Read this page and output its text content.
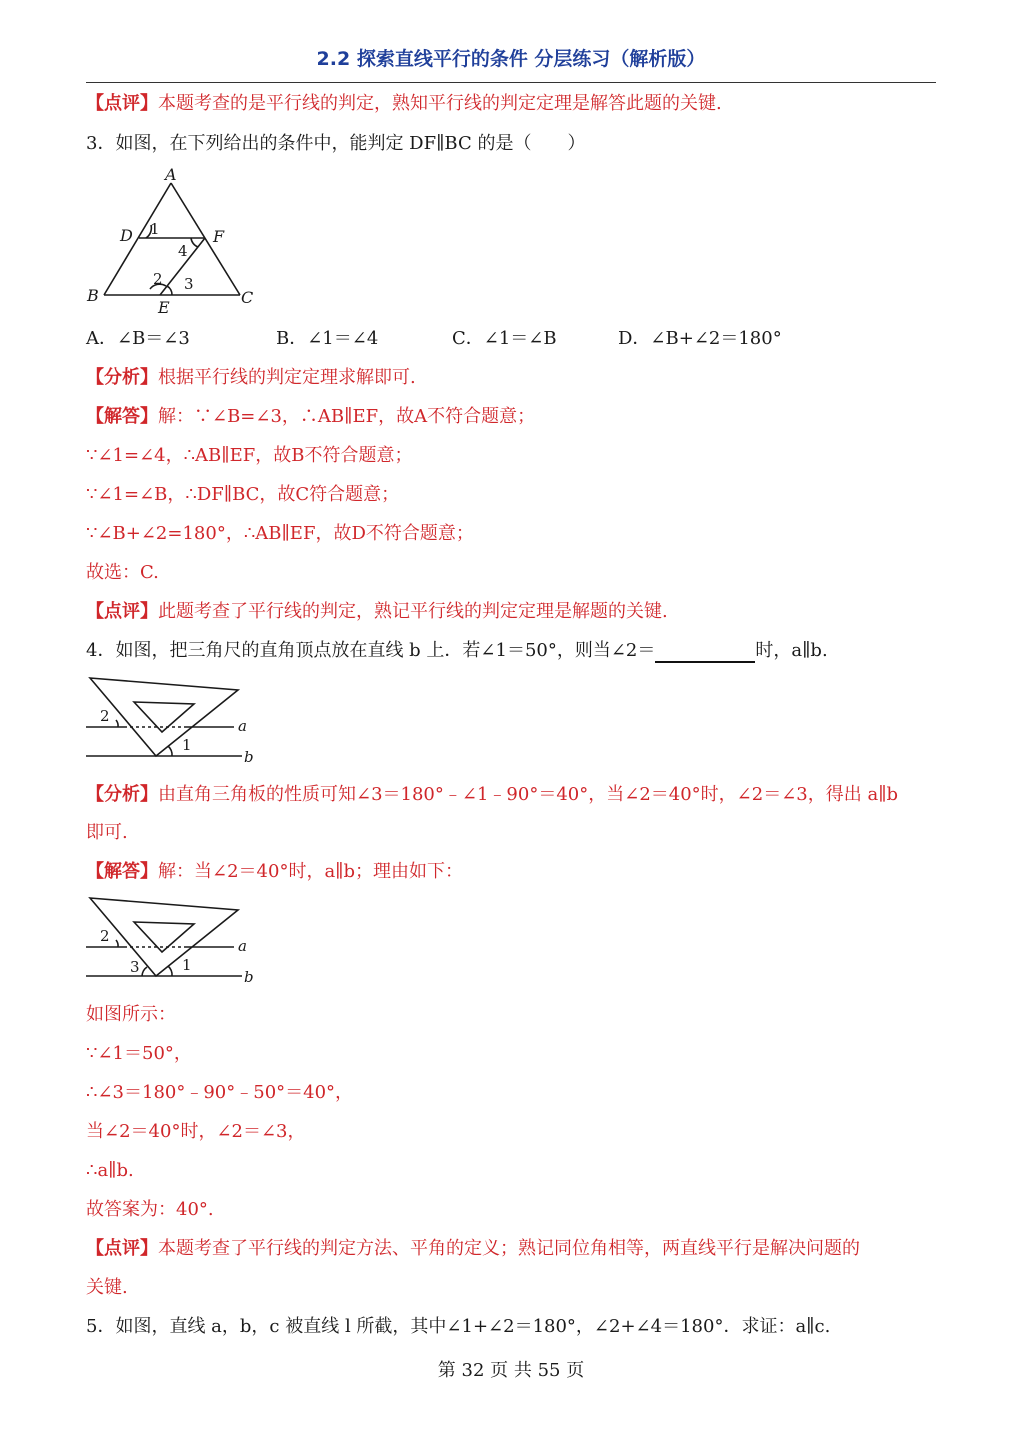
2.2 探索直线平行的条件 分层练习（解析版）
【点评】本题考查的是平行线的判定，熟知平行线的判定定理是解答此题的关键.
3．如图，在下列给出的条件中，能判定 DF∥BC 的是（　　）
A
B	C
D
E
F
1
4
2 3
A．∠B＝∠3	B．∠1＝∠4	C．∠1＝∠B	D．∠B+∠2＝180°
【分析】根据平行线的判定定理求解即可.
【解答】解：∵∠B=∠3，∴AB∥EF，故A不符合题意；
∵∠1=∠4，∴AB∥EF，故B不符合题意；
∵∠1=∠B，∴DF∥BC，故C符合题意；
∵∠B+∠2=180°，∴AB∥EF，故D不符合题意；
故选：C.
【点评】此题考查了平行线的判定，熟记平行线的判定定理是解题的关键.
4．如图，把三角尺的直角顶点放在直线 b 上．若∠1＝50°，则当∠2＝	时，a∥b.
2
1
a
b
【分析】由直角三角板的性质可知∠3＝180°﹣∠1﹣90°＝40°，当∠2＝40°时，∠2＝∠3，得出 a∥b
即可.
【解答】解：当∠2＝40°时，a∥b；理由如下：
2
1
3
a
b
如图所示：
∵∠1＝50°，
∴∠3＝180°﹣90°﹣50°＝40°，
当∠2＝40°时，∠2＝∠3，
∴a∥b.
故答案为：40°.
【点评】本题考查了平行线的判定方法、平角的定义；熟记同位角相等，两直线平行是解决问题的
关键.
5．如图，直线 a，b，c 被直线 l 所截，其中∠1+∠2＝180°，∠2+∠4＝180°．求证：a∥c.
第 32 页 共 55 页
